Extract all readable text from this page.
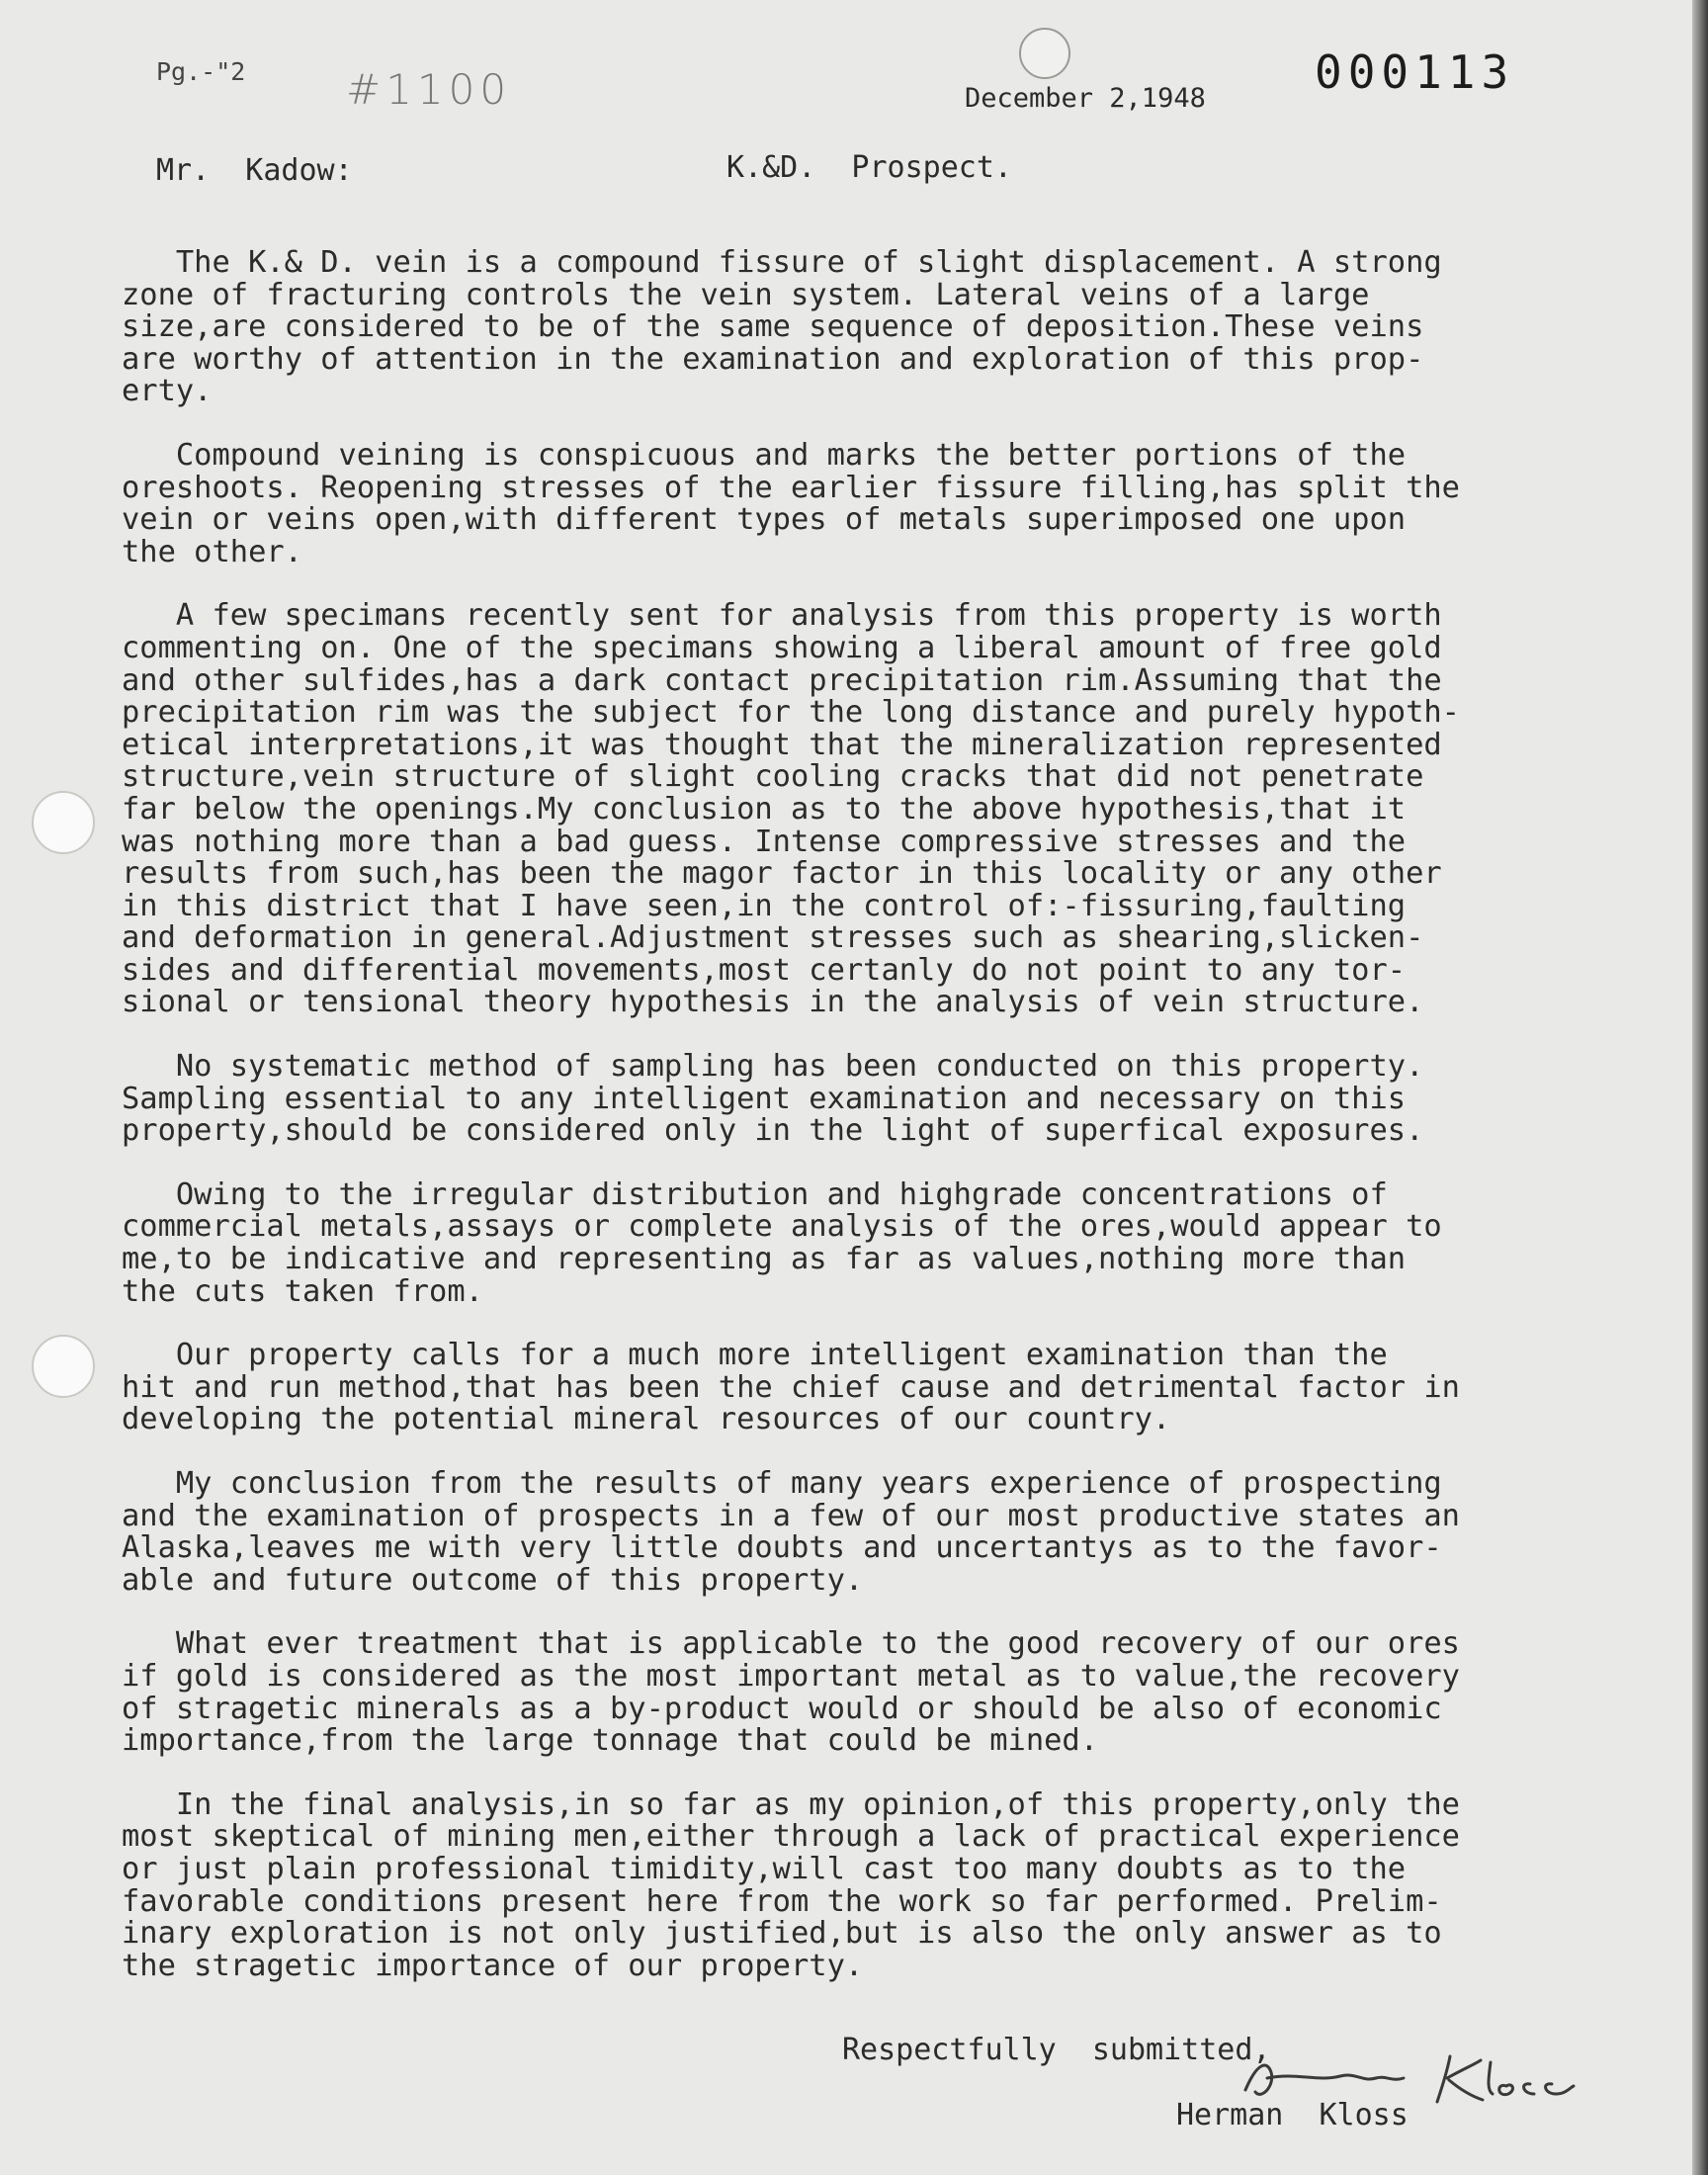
Pg.-"2 #1100	December 2,1948 000113
Mr.  Kadow:	K.&D.  Prospect.

The K.& D. vein is a compound fissure of slight displacement. A strong
zone of fracturing controls the vein system. Lateral veins of a large
size,are considered to be of the same sequence of deposition.These veins
are worthy of attention in the examination and exploration of this prop-
erty.

Compound veining is conspicuous and marks the better portions of the
oreshoots. Reopening stresses of the earlier fissure filling,has split the
vein or veins open,with different types of metals superimposed one upon
the other.

A few specimans recently sent for analysis from this property is worth
commenting on. One of the specimans showing a liberal amount of free gold
and other sulfides,has a dark contact precipitation rim.Assuming that the
precipitation rim was the subject for the long distance and purely hypoth-
etical interpretations,it was thought that the mineralization represented
structure,vein structure of slight cooling cracks that did not penetrate
far below the openings.My conclusion as to the above hypothesis,that it
was nothing more than a bad guess. Intense compressive stresses and the
results from such,has been the magor factor in this locality or any other
in this district that I have seen,in the control of:-fissuring,faulting
and deformation in general.Adjustment stresses such as shearing,slicken-
sides and differential movements,most certanly do not point to any tor-
sional or tensional theory hypothesis in the analysis of vein structure.

No systematic method of sampling has been conducted on this property.
Sampling essential to any intelligent examination and necessary on this
property,should be considered only in the light of superfical exposures.

Owing to the irregular distribution and highgrade concentrations of
commercial metals,assays or complete analysis of the ores,would appear to
me,to be indicative and representing as far as values,nothing more than
the cuts taken from.

Our property calls for a much more intelligent examination than the
hit and run method,that has been the chief cause and detrimental factor in
developing the potential mineral resources of our country.

My conclusion from the results of many years experience of prospecting
and the examination of prospects in a few of our most productive states an
Alaska,leaves me with very little doubts and uncertantys as to the favor-
able and future outcome of this property.

What ever treatment that is applicable to the good recovery of our ores
if gold is considered as the most important metal as to value,the recovery
of stragetic minerals as a by-product would or should be also of economic
importance,from the large tonnage that could be mined.

In the final analysis,in so far as my opinion,of this property,only the
most skeptical of mining men,either through a lack of practical experience
or just plain professional timidity,will cast too many doubts as to the
favorable conditions present here from the work so far performed. Prelim-
inary exploration is not only justified,but is also the only answer as to
the stragetic importance of our property.

Respectfully  submitted,
Herman  Kloss
